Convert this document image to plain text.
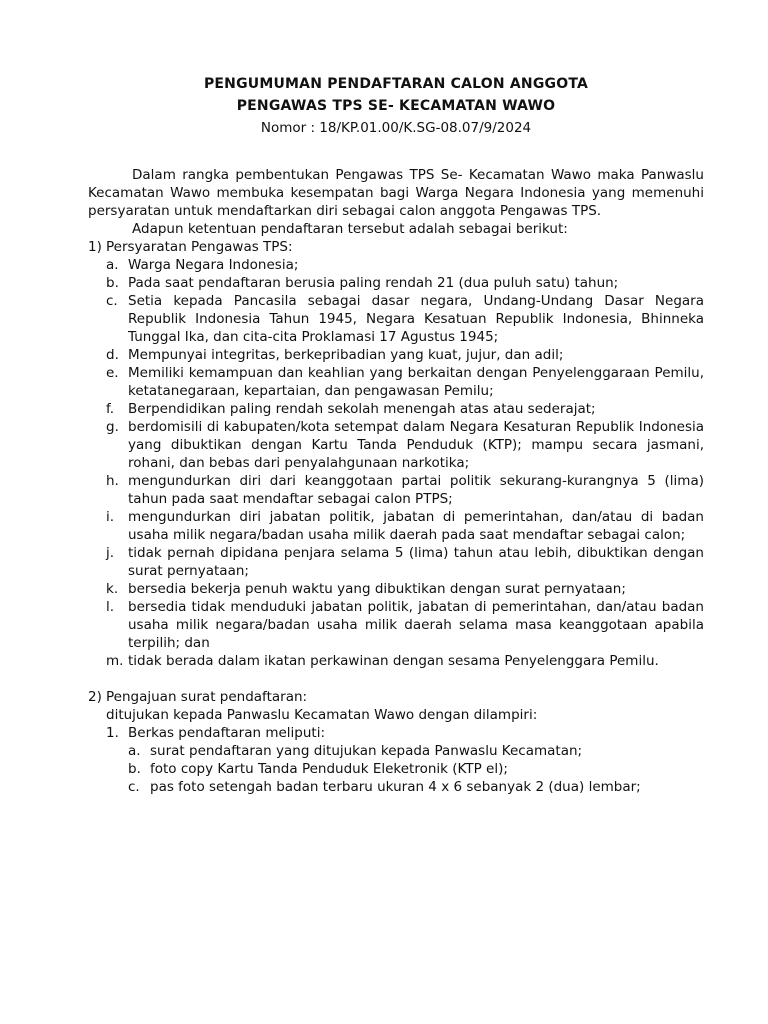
PENGUMUMAN PENDAFTARAN CALON ANGGOTA
PENGAWAS TPS SE- KECAMATAN WAWO
Nomor : 18/KP.01.00/K.SG-08.07/9/2024

Dalam rangka pembentukan Pengawas TPS Se- Kecamatan Wawo maka Panwaslu Kecamatan Wawo membuka kesempatan bagi Warga Negara Indonesia yang memenuhi persyaratan untuk mendaftarkan diri sebagai calon anggota Pengawas TPS.

Adapun ketentuan pendaftaran tersebut adalah sebagai berikut:

1) Persyaratan Pengawas TPS:
a. Warga Negara Indonesia;
b. Pada saat pendaftaran berusia paling rendah 21 (dua puluh satu) tahun;
c. Setia kepada Pancasila sebagai dasar negara, Undang-Undang Dasar Negara Republik Indonesia Tahun 1945, Negara Kesatuan Republik Indonesia, Bhinneka Tunggal Ika, dan cita-cita Proklamasi 17 Agustus 1945;
d. Mempunyai integritas, berkepribadian yang kuat, jujur, dan adil;
e. Memiliki kemampuan dan keahlian yang berkaitan dengan Penyelenggaraan Pemilu, ketatanegaraan, kepartaian, dan pengawasan Pemilu;
f.	Berpendidikan paling rendah sekolah menengah atas atau sederajat;
g. berdomisili di kabupaten/kota setempat dalam Negara Kesaturan Republik Indonesia yang dibuktikan dengan Kartu Tanda Penduduk (KTP); mampu secara jasmani, rohani, dan bebas dari penyalahgunaan narkotika;
h. mengundurkan diri dari keanggotaan partai politik sekurang-kurangnya 5 (lima) tahun pada saat mendaftar sebagai calon PTPS;
i.	mengundurkan diri jabatan politik, jabatan di pemerintahan, dan/atau di badan usaha milik negara/badan usaha milik daerah pada saat mendaftar sebagai calon;
j.	tidak pernah dipidana penjara selama 5 (lima) tahun atau lebih, dibuktikan dengan surat pernyataan;
k. bersedia bekerja penuh waktu yang dibuktikan dengan surat pernyataan;
l.	bersedia tidak menduduki jabatan politik, jabatan di pemerintahan, dan/atau badan usaha milik negara/badan usaha milik daerah selama masa keanggotaan apabila terpilih; dan
m. tidak berada dalam ikatan perkawinan dengan sesama Penyelenggara Pemilu.
2) Pengajuan surat pendaftaran:
ditujukan kepada Panwaslu Kecamatan Wawo dengan dilampiri:
1. Berkas pendaftaran meliputi:
a. surat pendaftaran yang ditujukan kepada Panwaslu Kecamatan;
b. foto copy Kartu Tanda Penduduk Eleketronik (KTP el);
c. pas foto setengah badan terbaru ukuran 4 x 6 sebanyak 2 (dua) lembar;
